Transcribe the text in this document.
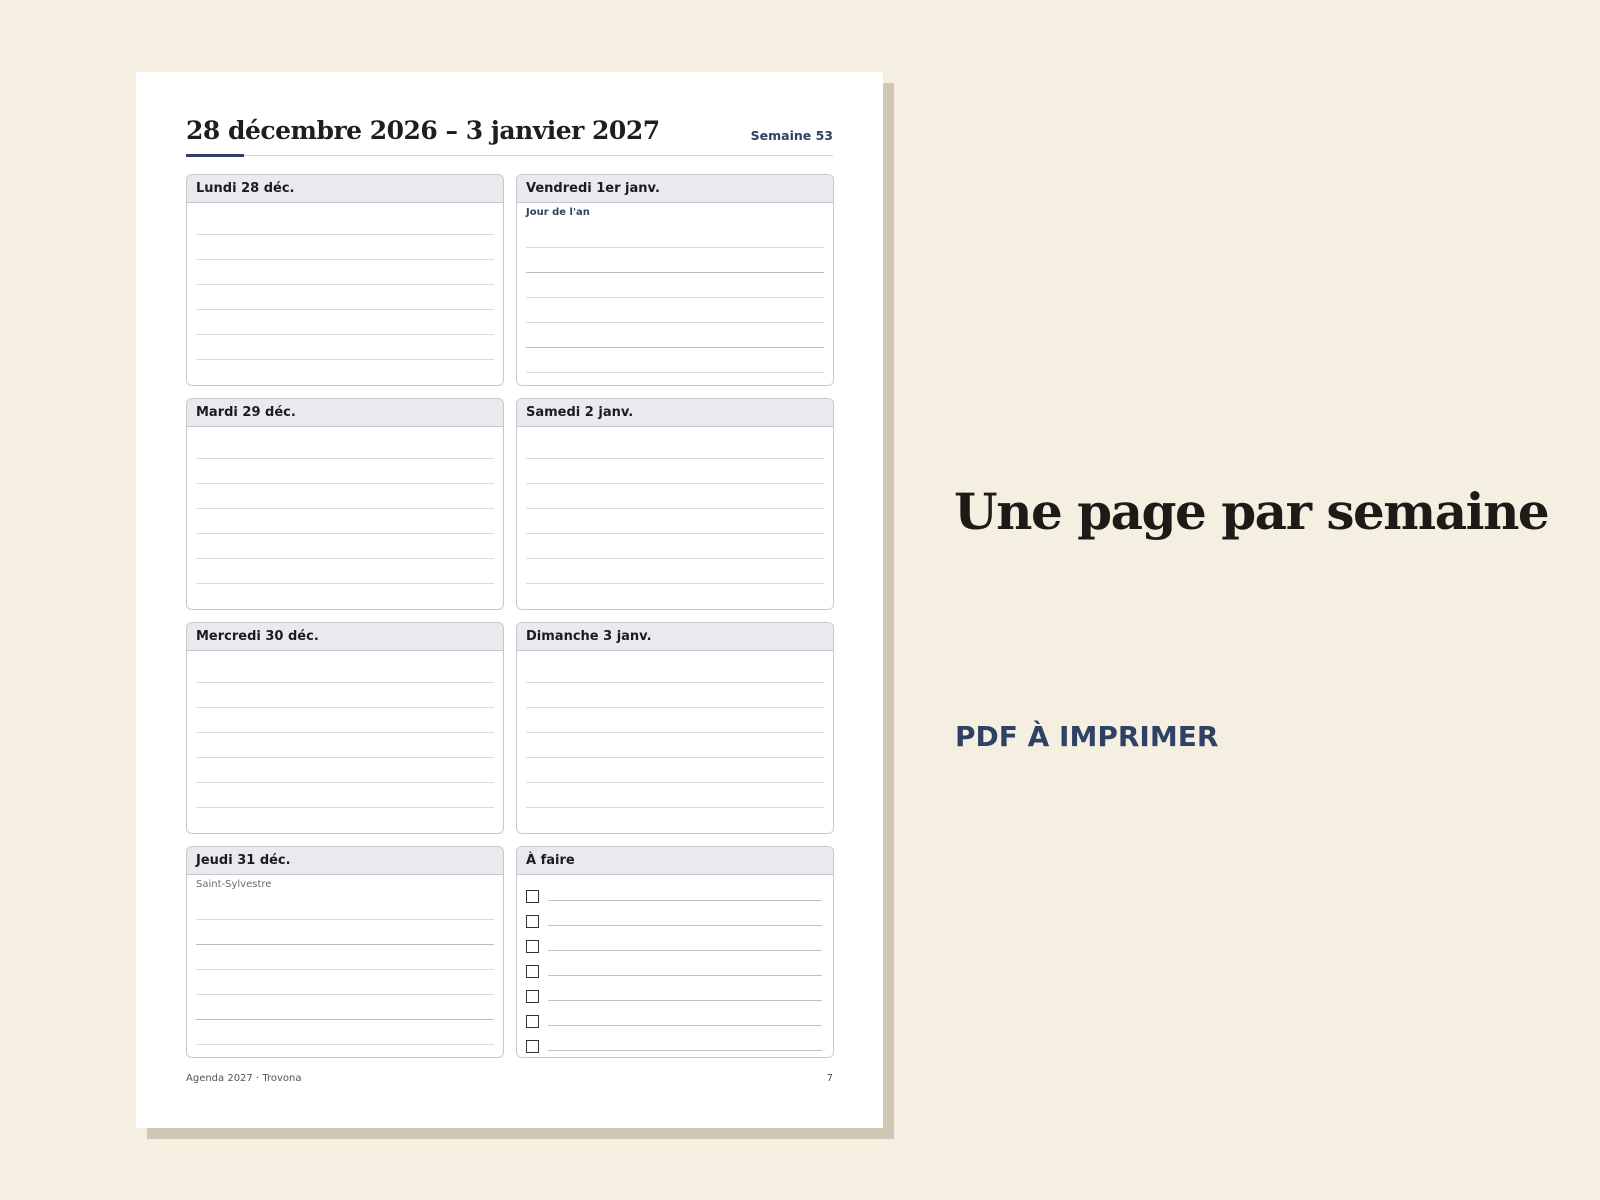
28 décembre 2026 – 3 janvier 2027	Semaine 53
Lundi 28 déc.	Vendredi 1er janv.
Jour de l'an
Mardi 29 déc.	Samedi 2 janv.
Mercredi 30 déc.	Dimanche 3 janv.
Jeudi 31 déc.
Saint-Sylvestre
À faire
Agenda 2027 · Trovona	7
Une page par semaine
PDF À IMPRIMER
